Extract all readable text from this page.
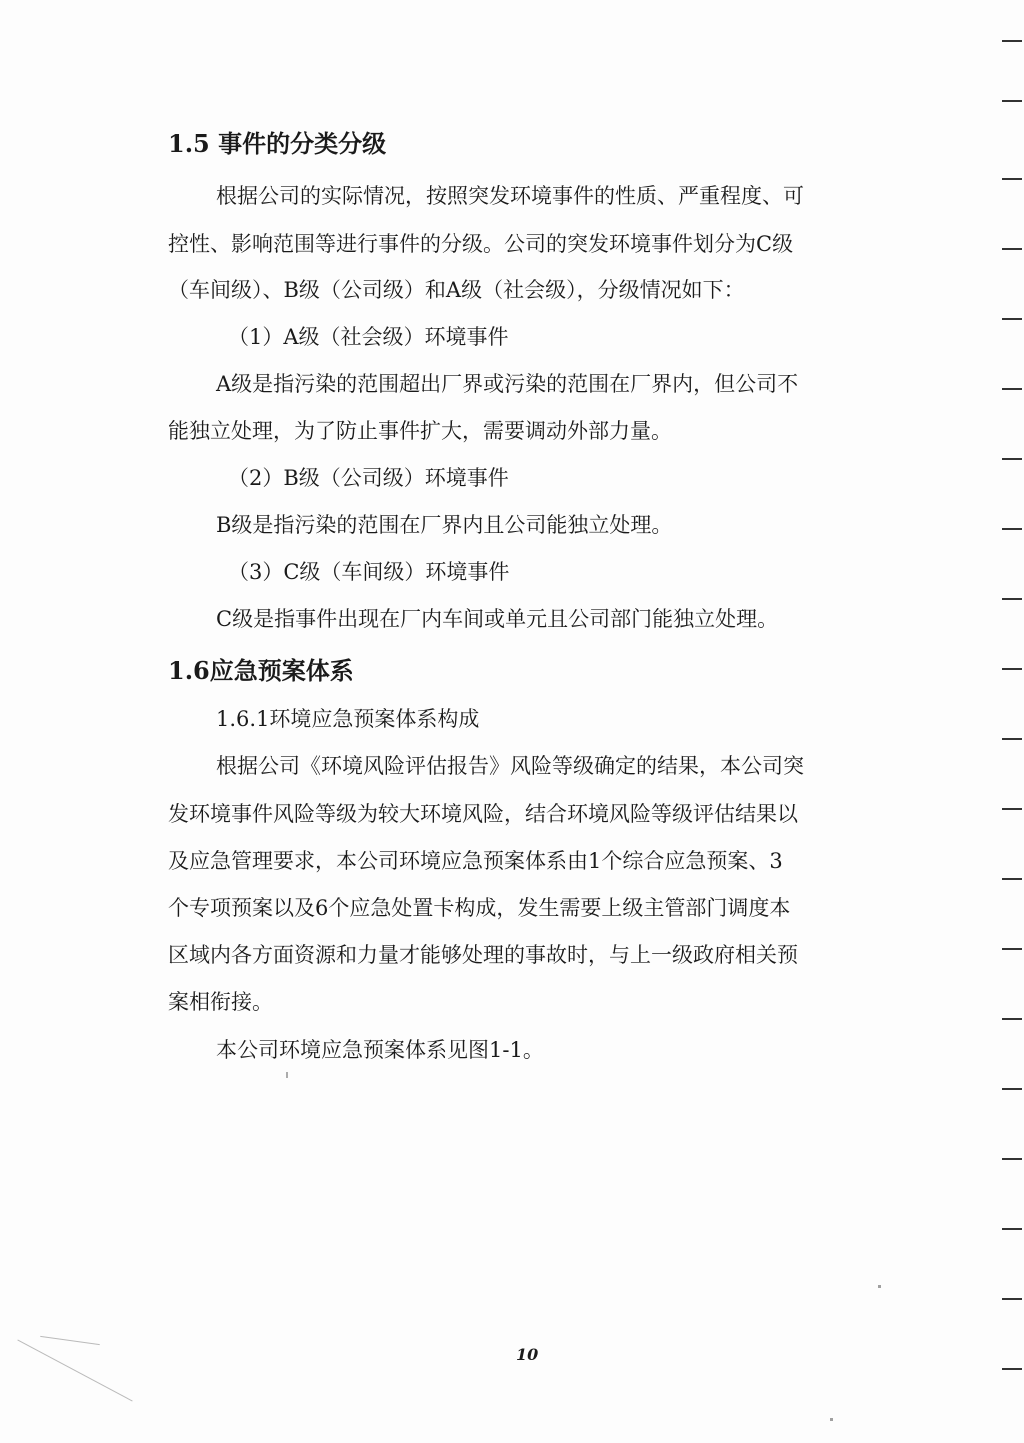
1.5 事件的分类分级
根据公司的实际情况，按照突发环境事件的性质、严重程度、可
控性、影响范围等进行事件的分级。公司的突发环境事件划分为C级
（车间级）、B级（公司级）和A级（社会级），分级情况如下：
（1）A级（社会级）环境事件
A级是指污染的范围超出厂界或污染的范围在厂界内，但公司不
能独立处理，为了防止事件扩大，需要调动外部力量。
（2）B级（公司级）环境事件
B级是指污染的范围在厂界内且公司能独立处理。
（3）C级（车间级）环境事件
C级是指事件出现在厂内车间或单元且公司部门能独立处理。
1.6应急预案体系
1.6.1环境应急预案体系构成
根据公司《环境风险评估报告》风险等级确定的结果，本公司突
发环境事件风险等级为较大环境风险，结合环境风险等级评估结果以
及应急管理要求，本公司环境应急预案体系由1个综合应急预案、3
个专项预案以及6个应急处置卡构成，发生需要上级主管部门调度本
区域内各方面资源和力量才能够处理的事故时，与上一级政府相关预
案相衔接。
本公司环境应急预案体系见图1-1。
10
